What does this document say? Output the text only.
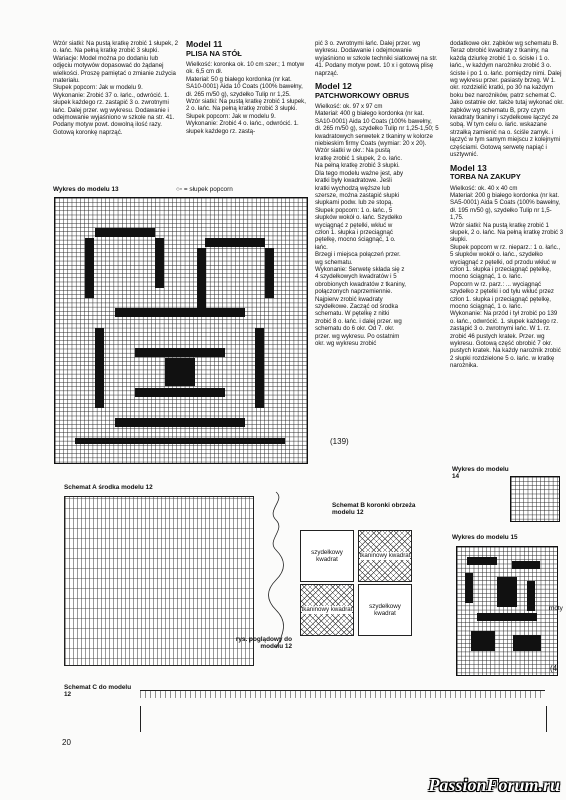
Wzór siatki: Na pustą kratkę zrobić 1 słupek, 2 o. łańc. Na pełną kratkę zrobić 3 słupki.

Wariacje: Model można po dodaniu lub odjęciu motywów dopasować do żądanej wielkości. Proszę pamiętać o zmianie zużycia materiału.

Słupek popcorn: Jak w modelu 9.

Wykonanie: Zrobić 37 o. łańc., odwrócić. 1. słupek każdego rz. zastąpić 3 o. zwrotnymi łańc. Dalej przer. wg wykresu. Dodawanie i odejmowanie wyjaśniono w szkole na str. 41. Podany motyw powt. dowolną ilość razy. Gotową koronkę naprząć.

Model 11
PLISA NA STÓŁ

Wielkość: koronka ok. 10 cm szer.; 1 motyw ok. 6,5 cm dł.

Materiał: 50 g białego kordonka (nr kat. SA10-0001) Aida 10 Coats (100% bawełny, dł. 265 m/50 g), szydełko Tulip nr 1,25.

Wzór siatki: Na pustą kratkę zrobić 1 słupek, 2 o. łańc. Na pełną kratkę zrobić 3 słupki.

Słupek popcorn: Jak w modelu 9.

Wykonanie: Zrobić 4 o. łańc., odwrócić. 1. słupek każdego rz. zastą-

pić 3 o. zwrotnymi łańc. Dalej przer. wg wykresu. Dodawanie i odejmowanie wyjaśniono w szkole techniki siatkowej na str. 41. Podany motyw powt. 10 x i gotową plisę naprząć.

Model 12
PATCHWORKOWY OBRUS

Wielkość: ok. 97 x 97 cm

Materiał: 400 g białego kordonka (nr kat. SA10-0001) Aida 10 Coats (100% bawełny, dł. 265 m/50 g), szydełko Tulip nr 1,25-1,50; 5 kwadratowych serwetek z tkaniny w kolorze niebieskim firmy Coats (wymiar: 20 x 20).

Wzór siatki w okr.: Na pustą kratkę zrobić 1 słupek, 2 o. łańc. Na pełną kratkę zrobić 3 słupki. Dla tego modelu ważne jest, aby kratki były kwadratowe. Jeśli kratki wychodzą węższe lub szersze, można zastąpić słupki słupkami podw. lub ze stopą.

Słupek popcorn: 1 o. łańc., 5 słupków wokół o. łańc. Szydełko wyciągnąć z pętelki, wkłuć w człon 1. słupka i przeciągnąć pętelkę, mocno ściągnąć, 1 o. łańc.

Brzegi i miejsca połączeń przer. wg schematu.

Wykonanie: Serwetę składa się z 4 szydełkowych kwadratów i 5 obrobionych kwadratów z tkaniny, połączonych naprzemiennie. Najpierw zrobić kwadraty szydełkowe. Zacząć od środka schematu. W pętelkę z nitki zrobić 8 o. łańc. i dalej przer. wg schematu do 6 okr. Od 7. okr. przer. wg wykresu. Po ostatnim okr. wg wykresu zrobić

dodatkowe okr. ząbków wg schematu B. Teraz obrobić kwadraty z tkaniny, na każdą dziurkę zrobić 1 o. ścisłe i 1 o. łańc., w każdym narożniku zrobić 3 o. ściste i po 1 o. łańc. pomiędzy nimi. Dalej wg wykresu przer. pasiasty brzeg. W 1. okr. rozdzielić kratki, po 30 na każdym boku bez narożników, patrz schemat C. Jako ostatnie okr. także tutaj wykonać okr. ząbków wg schematu B, przy czym kwadraty tkaniny i szydełkowe łączyć ze sobą. W tym celu o. łańc. wskazane strzałką zamienić na o. ściśle zamyk. i łączyć w tym samym miejscu z kolejnymi częściami. Gotową serwetę napiąć i usztywnić.

Model 13
TORBA NA ZAKUPY

Wielkość: ok. 40 x 40 cm

Materiał: 200 g białego kordonka (nr kat. SA5-0001) Aida 5 Coats (100% bawełny, dł. 195 m/50 g), szydełko Tulip nr 1,5-1,75.

Wzór siatki: Na pustą kratkę zrobić 1 słupek, 2 o. łańc. Na pełną kratkę zrobić 3 słupki.

Słupek popcorn w rz. nieparz.: 1 o. łańc., 5 słupków wokół o. łańc., szydełko wyciągnąć z pętelki, od przodu wkłuć w człon 1. słupka i przeciągnąć pętelkę, mocno ściągnąć, 1 o. łańc.

Popcorn w rz. parz.: ... wyciągnąć szydełko z pętelki i od tyłu wkłuć przez człon 1. słupka i przeciągnąć pętelkę, mocno ściągnąć, 1 o. łańc.

Wykonanie: Na przód i tył zrobić po 139 o. łańc., odwrócić. 1. słupek każdego rz. zastąpić 3 o. zwrotnymi łańc. W 1. rz. zrobić 46 pustych kratek. Przer. wg wykresu. Gotową część obrobić 7 okr. pustych kratek. Na każdy narożnik zrobić 2 słupki rozdzielone 5 o. łańc. w kratkę narożnika.

Wykres do modelu 13	○▫ = słupek popcorn
(139)
Schemat A środka modelu 12
Schemat B koronki obrzeża modelu 12
szydełkowy kwadrat
tkaninowy kwadrat
tkaninowy kwadrat
szydełkowy kwadrat
rys. poglądowy do modelu 12
Schemat C do modelu 12
Wykres do modelu 14
Wykres do modelu 15
moty
(4
20
PassionForum.ru
